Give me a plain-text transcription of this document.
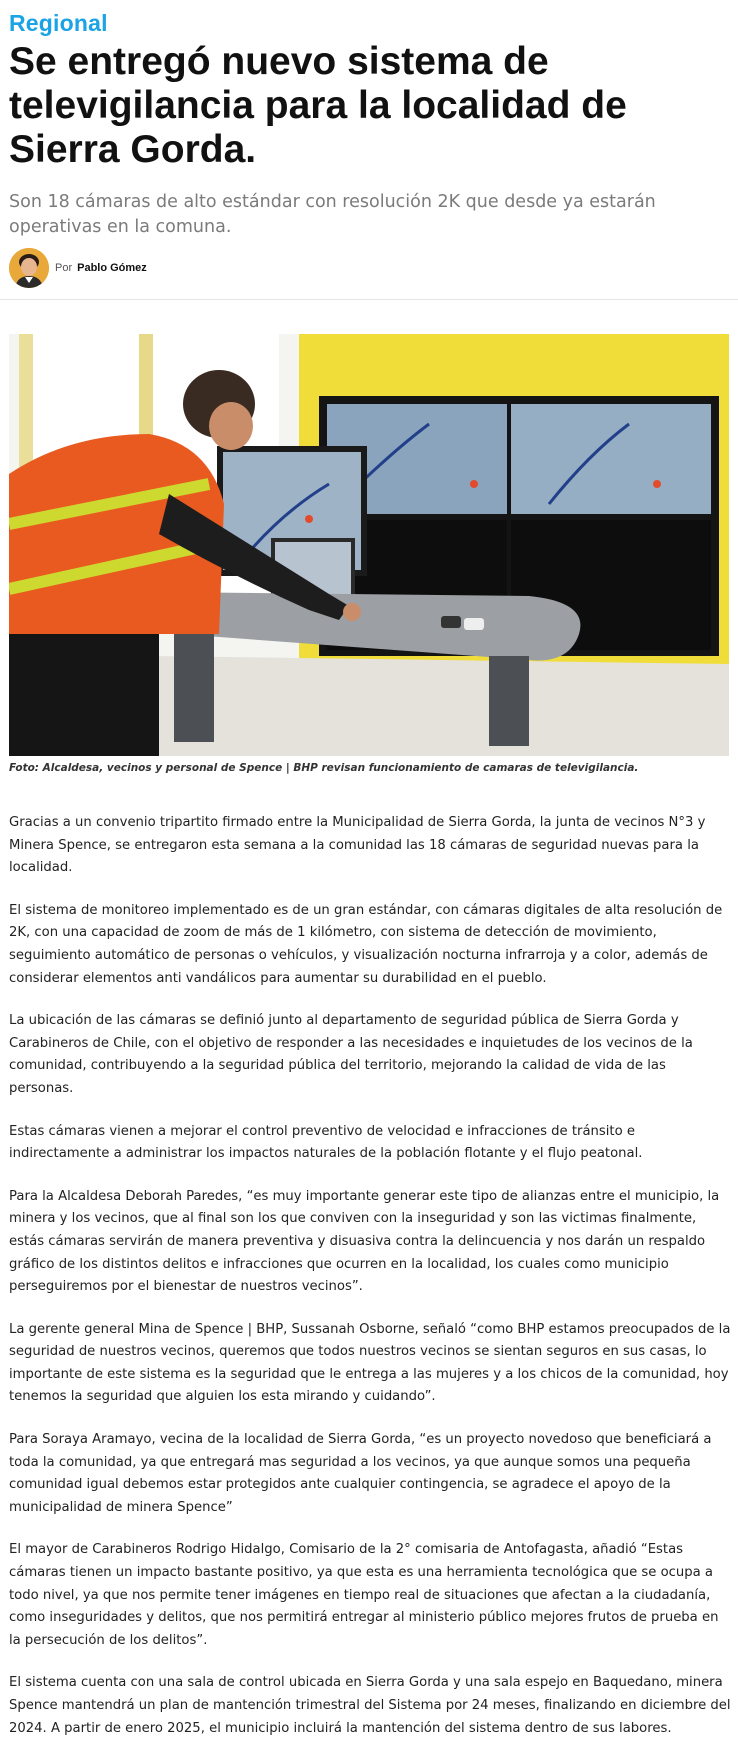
Regional
Se entregó nuevo sistema de televigilancia para la localidad de Sierra Gorda.

Son 18 cámaras de alto estándar con resolución 2K que desde ya estarán operativas en la comuna.

Por Pablo Gómez

Foto: Alcaldesa, vecinos y personal de Spence | BHP revisan funcionamiento de camaras de televigilancia.

Gracias a un convenio tripartito firmado entre la Municipalidad de Sierra Gorda, la junta de vecinos N°3 y Minera Spence, se entregaron esta semana a la comunidad las 18 cámaras de seguridad nuevas para la localidad.

El sistema de monitoreo implementado es de un gran estándar, con cámaras digitales de alta resolución de 2K, con una capacidad de zoom de más de 1 kilómetro, con sistema de detección de movimiento, seguimiento automático de personas o vehículos, y visualización nocturna infrarroja y a color, además de considerar elementos anti vandálicos para aumentar su durabilidad en el pueblo.

La ubicación de las cámaras se definió junto al departamento de seguridad pública de Sierra Gorda y Carabineros de Chile, con el objetivo de responder a las necesidades e inquietudes de los vecinos de la comunidad, contribuyendo a la seguridad pública del territorio, mejorando la calidad de vida de las personas.

Estas cámaras vienen a mejorar el control preventivo de velocidad e infracciones de tránsito e indirectamente a administrar los impactos naturales de la población flotante y el flujo peatonal.

Para la Alcaldesa Deborah Paredes, “es muy importante generar este tipo de alianzas entre el municipio, la minera y los vecinos, que al final son los que conviven con la inseguridad y son las victimas finalmente, estás cámaras servirán de manera preventiva y disuasiva contra la delincuencia y nos darán un respaldo gráfico de los distintos delitos e infracciones que ocurren en la localidad, los cuales como municipio perseguiremos por el bienestar de nuestros vecinos”.

La gerente general Mina de Spence | BHP, Sussanah Osborne, señaló “como BHP estamos preocupados de la seguridad de nuestros vecinos, queremos que todos nuestros vecinos se sientan seguros en sus casas, lo importante de este sistema es la seguridad que le entrega a las mujeres y a los chicos de la comunidad, hoy tenemos la seguridad que alguien los esta mirando y cuidando”.

Para Soraya Aramayo, vecina de la localidad de Sierra Gorda, “es un proyecto novedoso que beneficiará a toda la comunidad, ya que entregará mas seguridad a los vecinos, ya que aunque somos una pequeña comunidad igual debemos estar protegidos ante cualquier contingencia, se agradece el apoyo de la municipalidad de minera Spence”

El mayor de Carabineros Rodrigo Hidalgo, Comisario de la 2° comisaria de Antofagasta, añadió “Estas cámaras tienen un impacto bastante positivo, ya que esta es una herramienta tecnológica que se ocupa a todo nivel, ya que nos permite tener imágenes en tiempo real de situaciones que afectan a la ciudadanía, como inseguridades y delitos, que nos permitirá entregar al ministerio público mejores frutos de prueba en la persecución de los delitos”.

El sistema cuenta con una sala de control ubicada en Sierra Gorda y una sala espejo en Baquedano, minera Spence mantendrá un plan de mantención trimestral del Sistema por 24 meses, finalizando en diciembre del 2024. A partir de enero 2025, el municipio incluirá la mantención del sistema dentro de sus labores.
